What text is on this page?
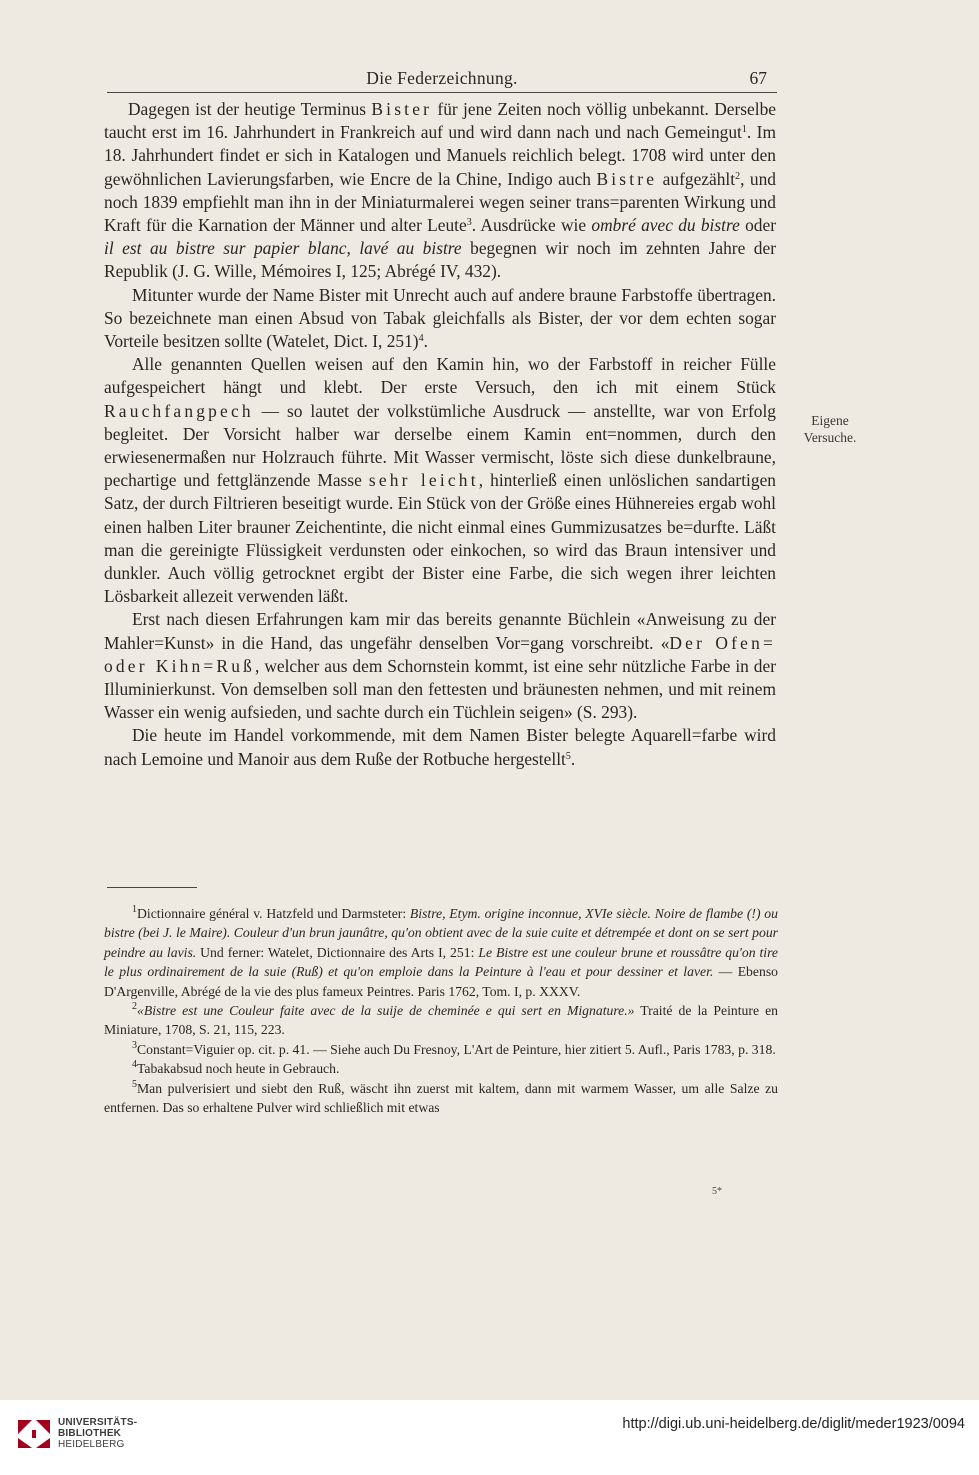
Die Federzeichnung.	67

Dagegen ist der heutige Terminus Bister für jene Zeiten noch völlig unbekannt. Derselbe taucht erst im 16. Jahrhundert in Frankreich auf und wird dann nach und nach Gemeingut$^1$. Im 18. Jahrhundert findet er sich in Katalogen und Manuels reichlich belegt. 1708 wird unter den gewöhnlichen Lavierungsfarben, wie Encre de la Chine, Indigo auch Bistre aufgezählt$^2$, und noch 1839 empfiehlt man ihn in der Miniaturmalerei wegen seiner trans=parenten Wirkung und Kraft für die Karnation der Männer und alter Leute$^3$. Ausdrücke wie ombré avec du bistre oder il est au bistre sur papier blanc, lavé au bistre begegnen wir noch im zehnten Jahre der Republik (J. G. Wille, Mémoires I, 125; Abrégé IV, 432).

Mitunter wurde der Name Bister mit Unrecht auch auf andere braune Farbstoffe übertragen. So bezeichnete man einen Absud von Tabak gleichfalls als Bister, der vor dem echten sogar Vorteile besitzen sollte (Watelet, Dict. I, 251)$^4$.

Alle genannten Quellen weisen auf den Kamin hin, wo der Farbstoff in reicher Fülle aufgespeichert hängt und klebt. Der erste Versuch, den ich mit einem Stück Rauchfangpech — so lautet der volkstümliche Ausdruck — anstellte, war von Erfolg begleitet. Der Vorsicht halber war derselbe einem Kamin ent=nommen, durch den erwiesenermaßen nur Holzrauch führte. Mit Wasser vermischt, löste sich diese dunkelbraune, pechartige und fettglänzende Masse sehr leicht, hinterließ einen unlöslichen sandartigen Satz, der durch Filtrieren beseitigt wurde. Ein Stück von der Größe eines Hühnereies ergab wohl einen halben Liter brauner Zeichentinte, die nicht einmal eines Gummizusatzes be=durfte. Läßt man die gereinigte Flüssigkeit verdunsten oder einkochen, so wird das Braun intensiver und dunkler. Auch völlig getrocknet ergibt der Bister eine Farbe, die sich wegen ihrer leichten Lösbarkeit allezeit verwenden läßt.

Erst nach diesen Erfahrungen kam mir das bereits genannte Büchlein «Anweisung zu der Mahler=Kunst» in die Hand, das ungefähr denselben Vor=gang vorschreibt. «Der Ofen= oder Kihn=Ruß, welcher aus dem Schornstein kommt, ist eine sehr nützliche Farbe in der Illuminierkunst. Von demselben soll man den fettesten und bräunesten nehmen, und mit reinem Wasser ein wenig aufsieden, und sachte durch ein Tüchlein seigen» (S. 293).

Die heute im Handel vorkommende, mit dem Namen Bister belegte Aquarell=farbe wird nach Lemoine und Manoir aus dem Ruße der Rotbuche hergestellt$^5$.

Eigene
Versuche.

$^1$Dictionnaire général v. Hatzfeld und Darmsteter: Bistre, Etym. origine inconnue, XVIe siècle. Noire de flambe (!) ou bistre (bei J. le Maire). Couleur d'un brun jaunâtre, qu'on obtient avec de la suie cuite et détrempée et dont on se sert pour peindre au lavis. Und ferner: Watelet, Dictionnaire des Arts I, 251: Le Bistre est une couleur brune et roussâtre qu'on tire le plus ordinairement de la suie (Ruß) et qu'on emploie dans la Peinture à l'eau et pour dessiner et laver. — Ebenso D'Argenville, Abrégé de la vie des plus fameux Peintres. Paris 1762, Tom. I, p. XXXV.

$^2$«Bistre est une Couleur faite avec de la suije de cheminée e qui sert en Mignature.» Traité de la Peinture en Miniature, 1708, S. 21, 115, 223.

$^3$Constant=Viguier op. cit. p. 41. — Siehe auch Du Fresnoy, L'Art de Peinture, hier zitiert 5. Aufl., Paris 1783, p. 318.

$^4$Tabakabsud noch heute in Gebrauch.

$^5$Man pulverisiert und siebt den Ruß, wäscht ihn zuerst mit kaltem, dann mit warmem Wasser, um alle Salze zu entfernen. Das so erhaltene Pulver wird schließlich mit etwas

5*
UNIVERSITÄTS-
BIBLIOTHEK
HEIDELBERG
http://digi.ub.uni-heidelberg.de/diglit/meder1923/0094
